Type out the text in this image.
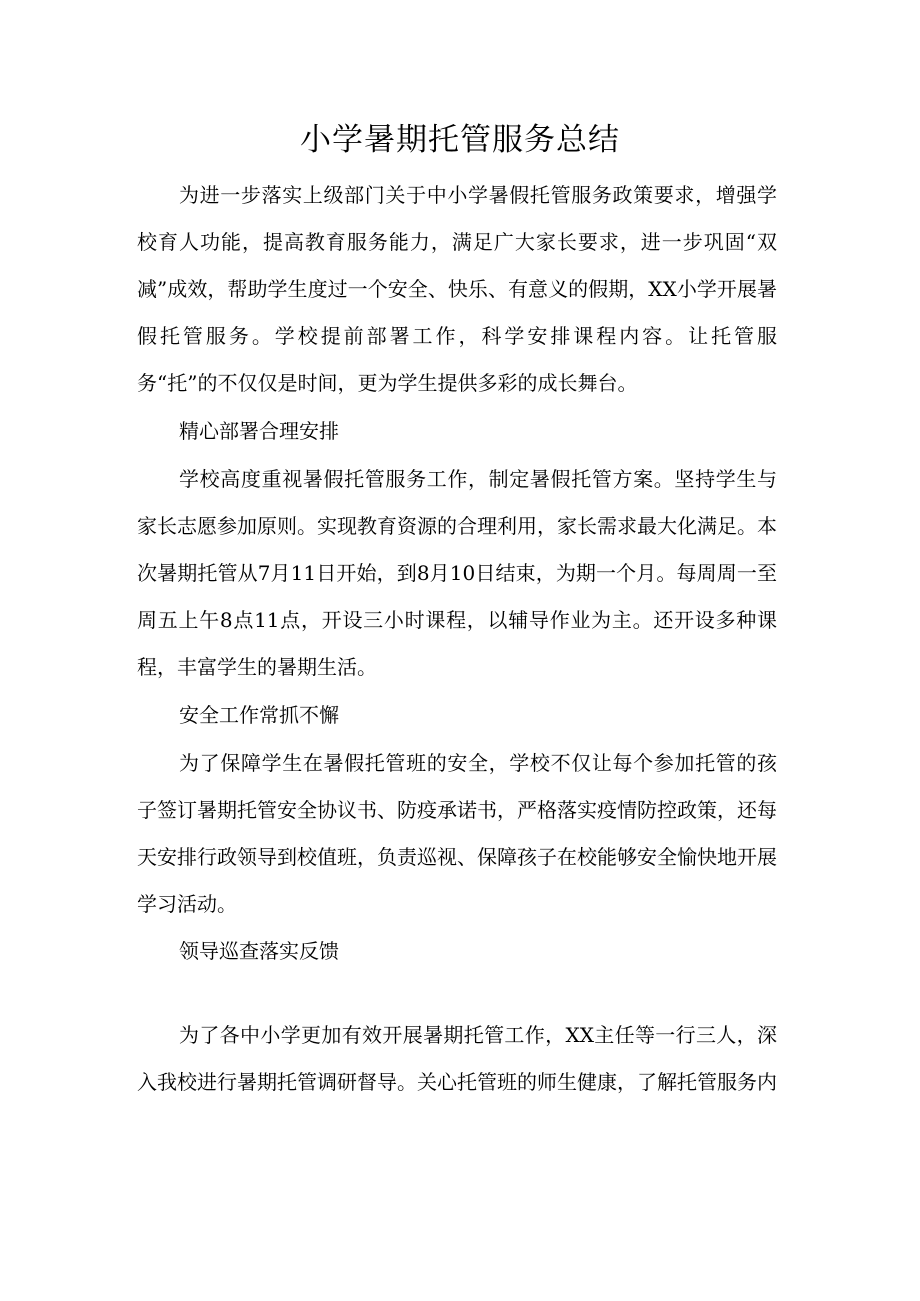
小学暑期托管服务总结

为进一步落实上级部门关于中小学暑假托管服务政策要求，增强学校育人功能，提高教育服务能力，满足广大家长要求，进一步巩固“双减”成效，帮助学生度过一个安全、快乐、有意义的假期，XX小学开展暑假托管服务。学校提前部署工作，科学安排课程内容。让托管服务“托”的不仅仅是时间，更为学生提供多彩的成长舞台。

精心部署合理安排

学校高度重视暑假托管服务工作，制定暑假托管方案。坚持学生与家长志愿参加原则。实现教育资源的合理利用，家长需求最大化满足。本次暑期托管从7月11日开始，到8月10日结束，为期一个月。每周周一至周五上午8点11点，开设三小时课程，以辅导作业为主。还开设多种课程，丰富学生的暑期生活。

安全工作常抓不懈

为了保障学生在暑假托管班的安全，学校不仅让每个参加托管的孩子签订暑期托管安全协议书、防疫承诺书，严格落实疫情防控政策，还每天安排行政领导到校值班，负责巡视、保障孩子在校能够安全愉快地开展学习活动。

领导巡查落实反馈

为了各中小学更加有效开展暑期托管工作，XX主任等一行三人，深入我校进行暑期托管调研督导。关心托管班的师生健康，了解托管服务内
